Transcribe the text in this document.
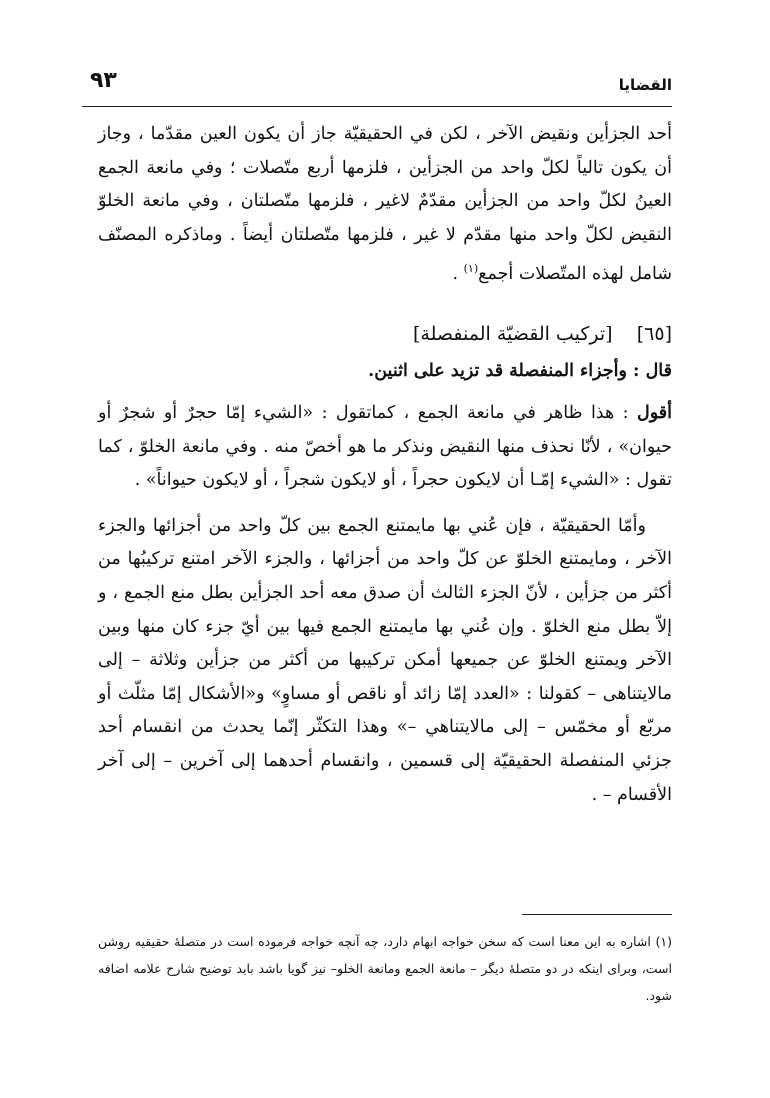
القضايا
٩٣

أحد الجزأين ونقيض الآخر ، لكن في الحقيقيّة جاز أن يكون العين مقدّما ، وجاز أن يكون تالياً لكلّ واحد من الجزأين ، فلزمها أربع متّصلات ؛ وفي مانعة الجمع العينُ لكلّ واحد من الجزأين مقدّمٌ لاغير ، فلزمها متّصلتان ، وفي مانعة الخلوّ النقيض لكلّ واحد منها مقدّم لا غير ، فلزمها متّصلتان أيضاً . وماذكره المصنّف شامل لهذه المتّصلات أجمع$^{(١)}$ .

[٦٥]    [تركيب القضيّة المنفصلة]

قال : وأجزاء المنفصلة قد تزيد على اثنين.

أقول : هذا ظاهر في مانعة الجمع ، كماتقول : «الشيء إمّا حجرٌ أو شجرٌ أو حيوان» ، لأنّا نحذف منها النقيض ونذكر ما هو أخصّ منه . وفي مانعة الخلوّ ، كما تقول : «الشيء إمّـا أن لايكون حجراً ، أو لايكون شجراً ، أو لايكون حيواناً» .

وأمّا الحقيقيّة ، فإن عُني بها مايمتنع الجمع بين كلّ واحد من أجزائها والجزء الآخر ، ومايمتنع الخلوّ عن كلّ واحد من أجزائها ، والجزء الآخر امتنع تركيبُها من أكثر من جزأين ، لأنّ الجزء الثالث أن صدق معه أحد الجزأين بطل منع الجمع ، و إلاّ بطل منع الخلوّ . وإن عُني بها مايمتنع الجمع فيها بين أيّ جزء كان منها وبين الآخر ويمتنع الخلوّ عن جميعها أمكن تركيبها من أكثر من جزأين وثلاثة – إلى مالايتناهى – كقولنا : «العدد إمّا زائد أو ناقص أو مساوٍ» و«الأشكال إمّا مثلّث أو مربّع أو مخمّس – إلى مالايتناهي –» وهذا التكثّر إنّما يحدث من انقسام أحد جزئي المنفصلة الحقيقيّة إلى قسمين ، وانقسام أحدهما إلى آخرين – إلى آخر الأقسام – .

(١) اشاره به اين معنا است كه سخن خواجه ابهام دارد، چه آنچه خواجه فرموده است در متصلهٔ حقيقيه روشن است، وبراى اينكه در دو متصلهٔ ديگر – مانعة الجمع ومانعة الخلو– نيز گويا باشد بايد توضيح شارح علامه اضافه شود.
